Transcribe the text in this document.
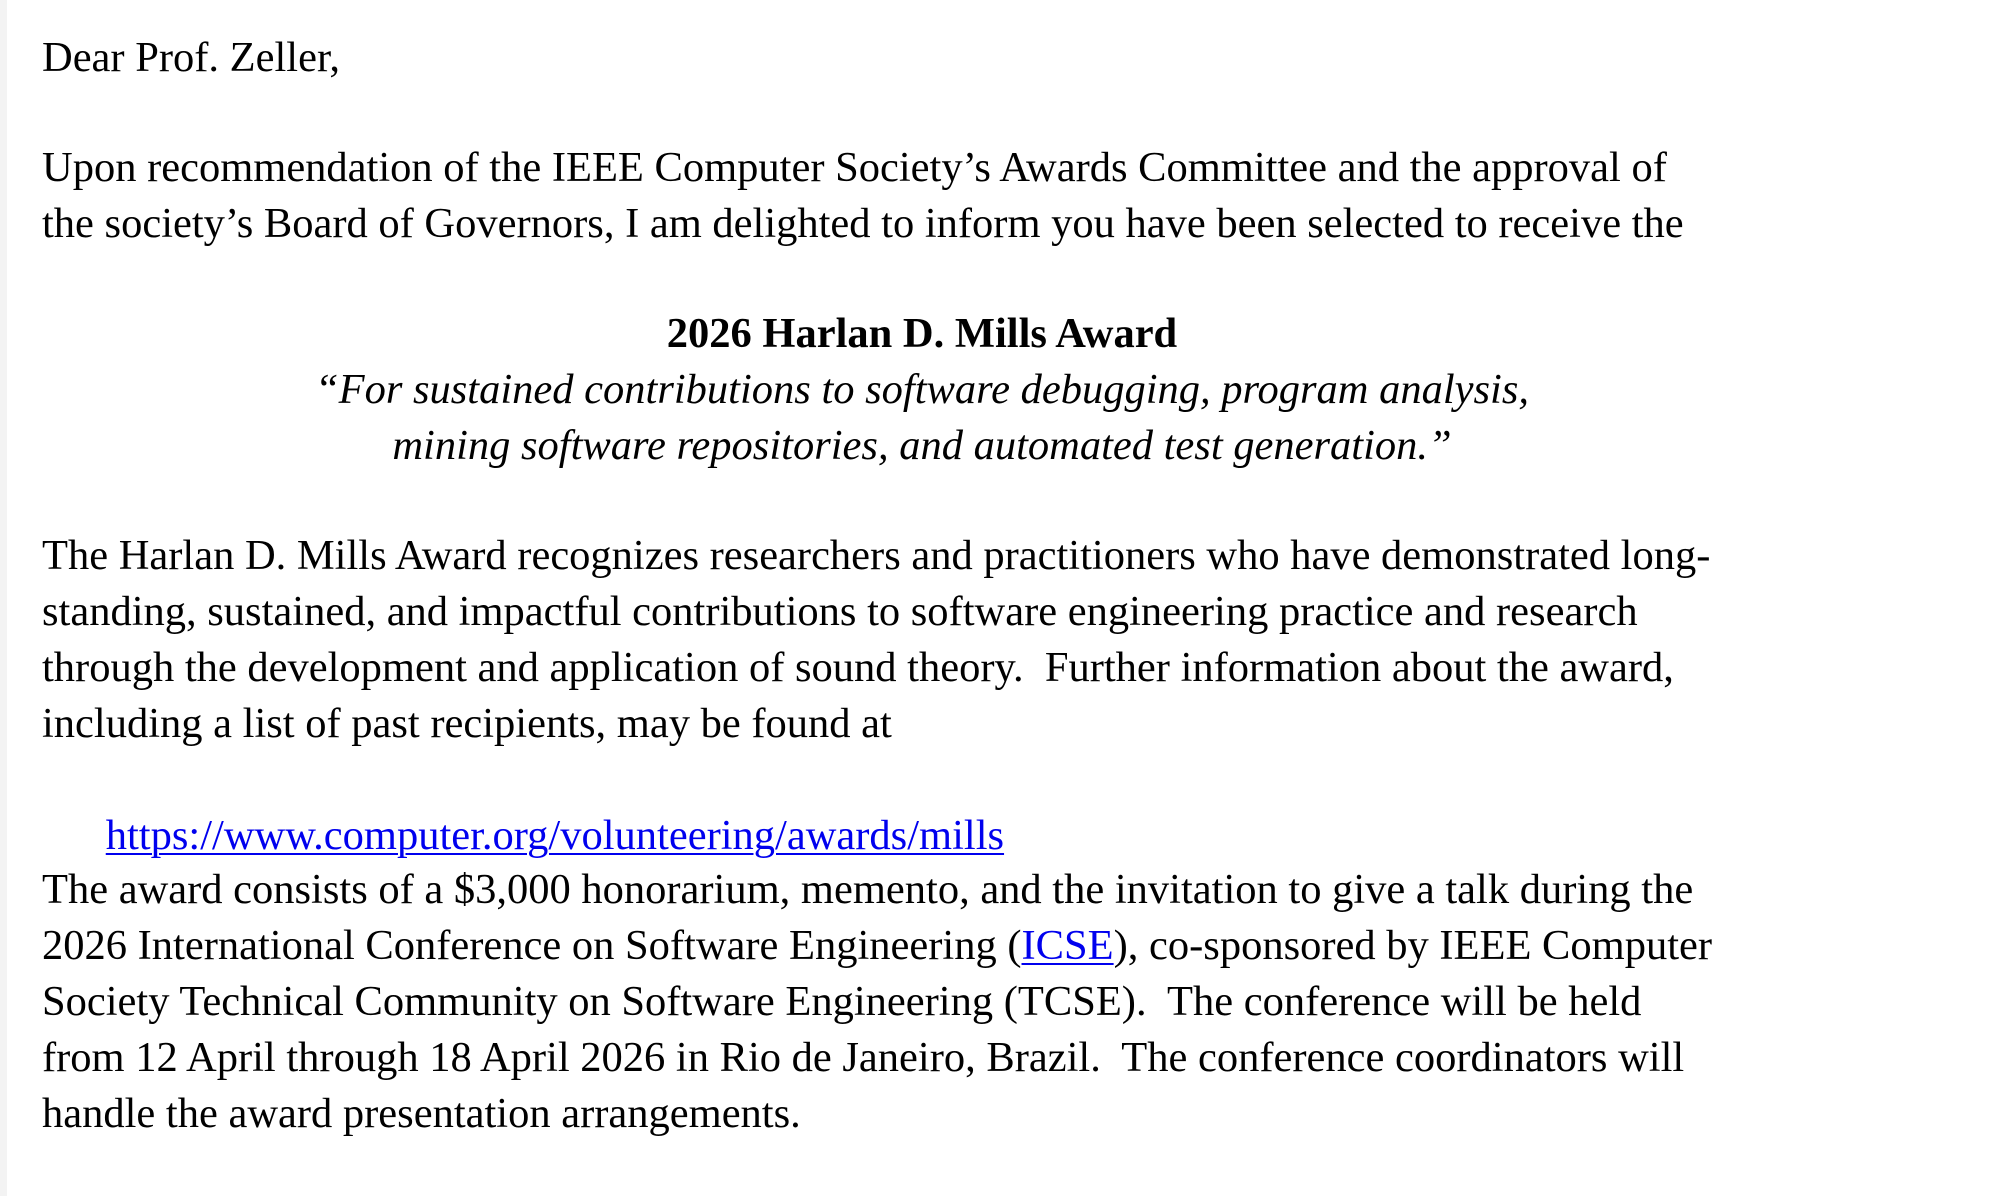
Dear Prof. Zeller,
Upon recommendation of the IEEE Computer Society’s Awards Committee and the approval of
the society’s Board of Governors, I am delighted to inform you have been selected to receive the
2026 Harlan D. Mills Award
“For sustained contributions to software debugging, program analysis,
mining software repositories, and automated test generation.”
The Harlan D. Mills Award recognizes researchers and practitioners who have demonstrated long-
standing, sustained, and impactful contributions to software engineering practice and research
through the development and application of sound theory.  Further information about the award,
including a list of past recipients, may be found at

https://www.computer.org/volunteering/awards/mills

The award consists of a $3,000 honorarium, memento, and the invitation to give a talk during the
2026 International Conference on Software Engineering (ICSE), co-sponsored by IEEE Computer
Society Technical Community on Software Engineering (TCSE).  The conference will be held
from 12 April through 18 April 2026 in Rio de Janeiro, Brazil.  The conference coordinators will
handle the award presentation arrangements.
